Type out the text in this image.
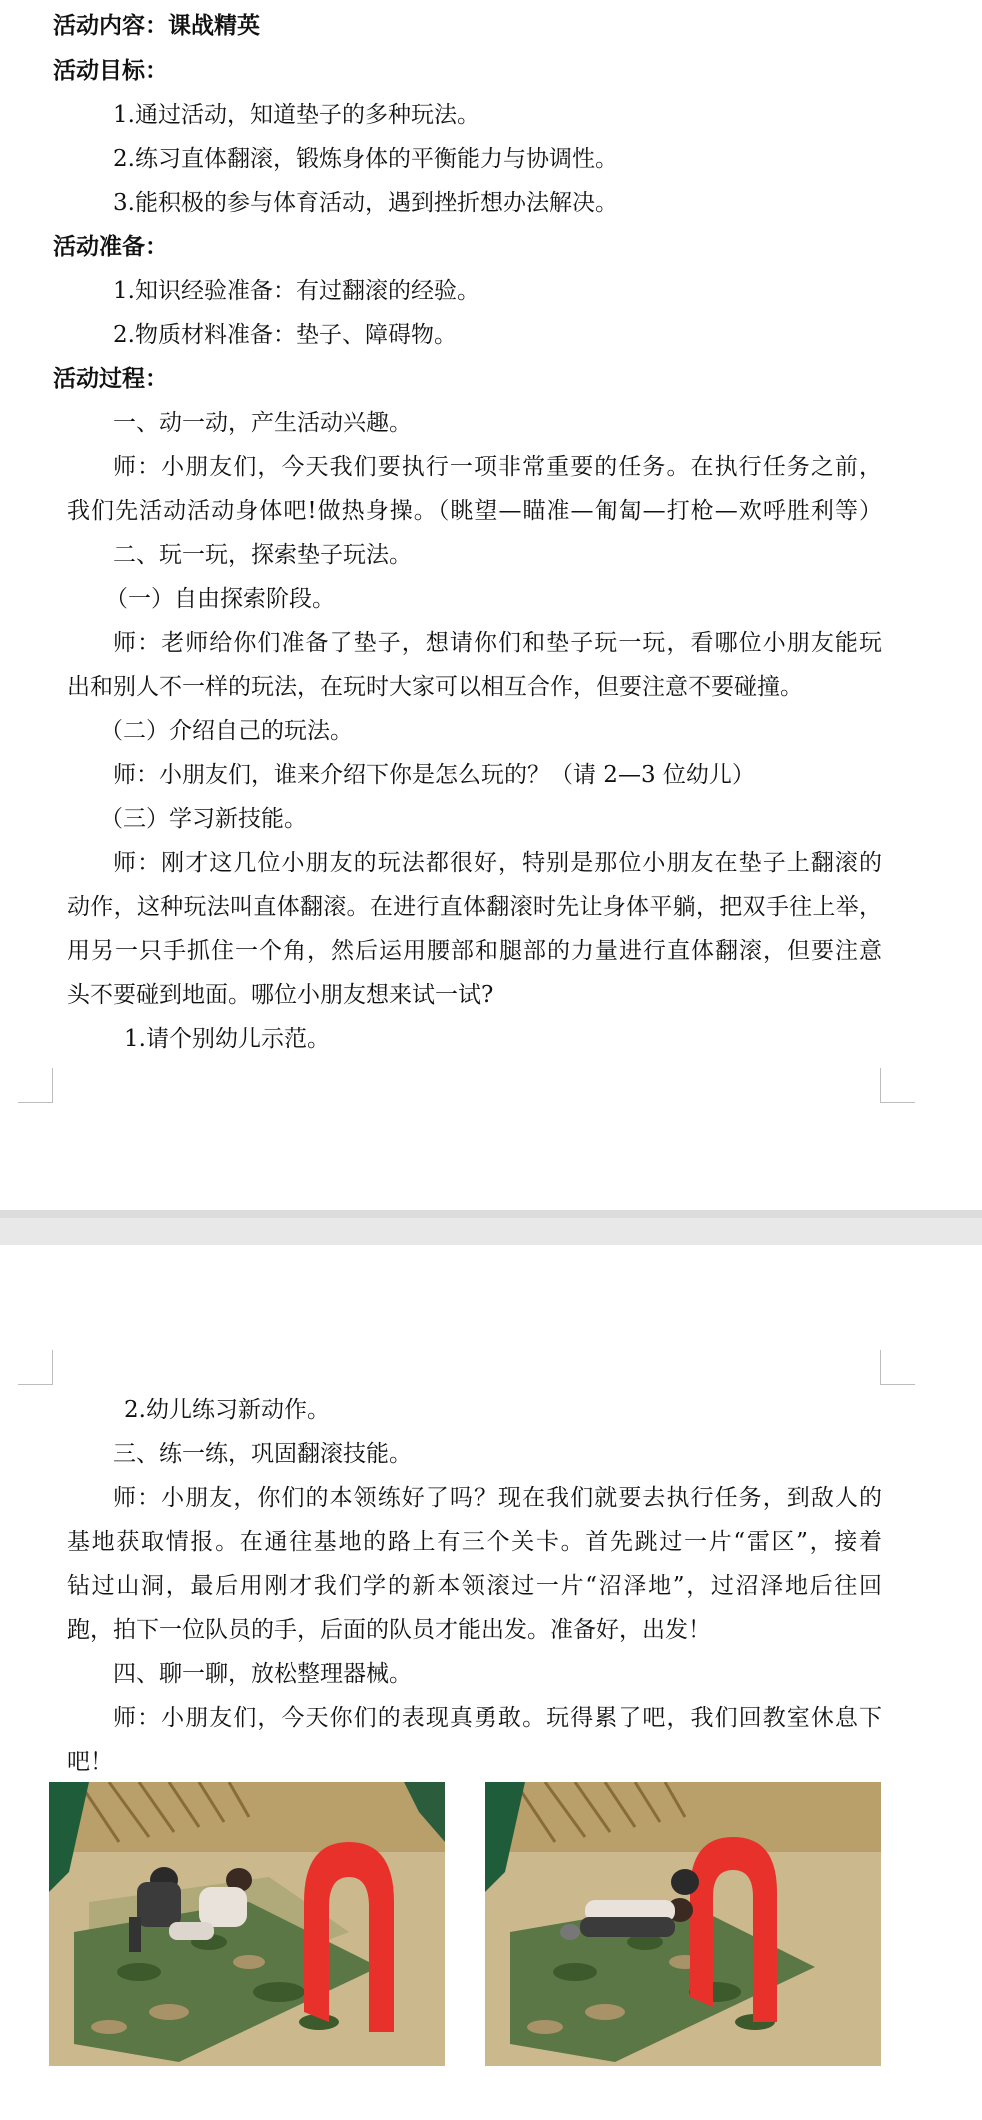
活动内容：课战精英
活动目标：
1.通过活动，知道垫子的多种玩法。
2.练习直体翻滚，锻炼身体的平衡能力与协调性。
3.能积极的参与体育活动，遇到挫折想办法解决。
活动准备：
1.知识经验准备：有过翻滚的经验。
2.物质材料准备：垫子、障碍物。
活动过程：
一、动一动，产生活动兴趣。
师：小朋友们，今天我们要执行一项非常重要的任务。在执行任务之前，
我们先活动活动身体吧!做热身操。（眺望—瞄准—匍匐—打枪—欢呼胜利等）
二、玩一玩，探索垫子玩法。
（一）自由探索阶段。
师：老师给你们准备了垫子，想请你们和垫子玩一玩，看哪位小朋友能玩
出和别人不一样的玩法，在玩时大家可以相互合作，但要注意不要碰撞。
（二）介绍自己的玩法。
师：小朋友们，谁来介绍下你是怎么玩的？（请 2—3 位幼儿）
（三）学习新技能。
师：刚才这几位小朋友的玩法都很好，特别是那位小朋友在垫子上翻滚的
动作，这种玩法叫直体翻滚。在进行直体翻滚时先让身体平躺，把双手往上举，
用另一只手抓住一个角，然后运用腰部和腿部的力量进行直体翻滚，但要注意
头不要碰到地面。哪位小朋友想来试一试?
1.请个别幼儿示范。
2.幼儿练习新动作。
三、练一练，巩固翻滚技能。
师：小朋友，你们的本领练好了吗？现在我们就要去执行任务，到敌人的
基地获取情报。在通往基地的路上有三个关卡。首先跳过一片“雷区”，接着
钻过山洞，最后用刚才我们学的新本领滚过一片“沼泽地”，过沼泽地后往回
跑，拍下一位队员的手，后面的队员才能出发。准备好，出发！
四、聊一聊，放松整理器械。
师：小朋友们，今天你们的表现真勇敢。玩得累了吧，我们回教室休息下
吧！
